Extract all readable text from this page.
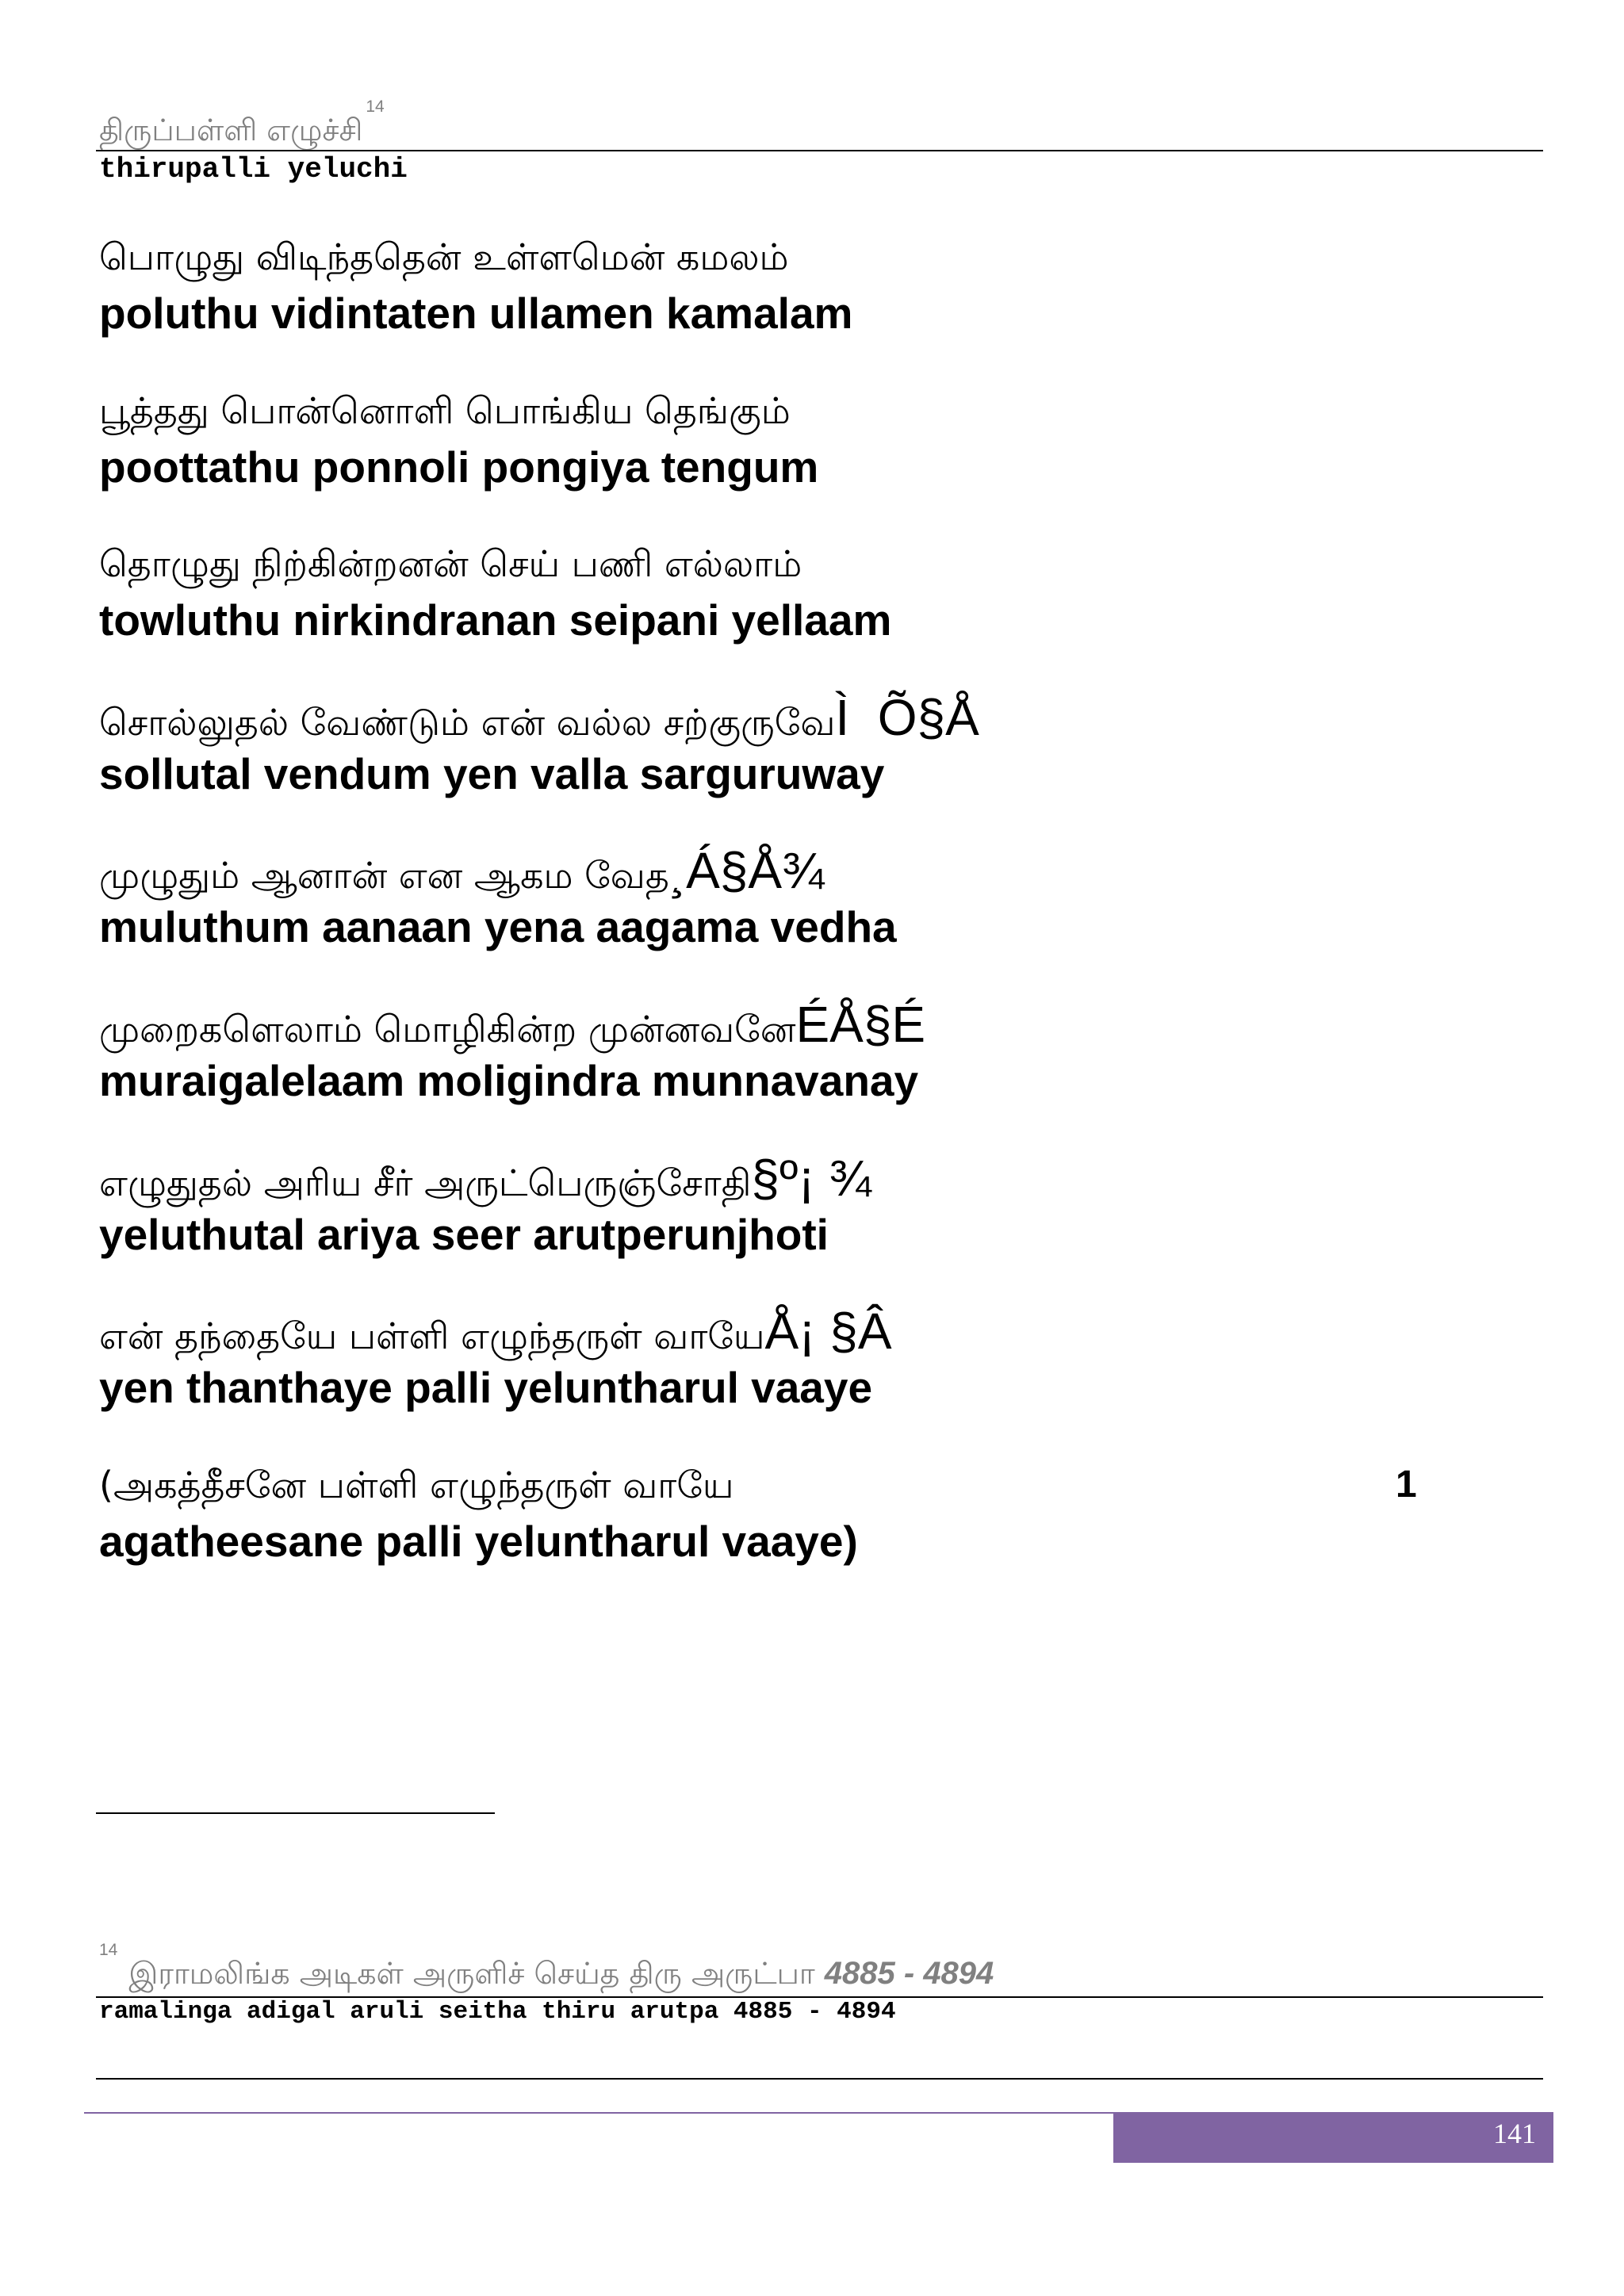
திருப்பள்ளி எழுச்சி$^{14}$
thirupalli yeluchi
பொழுது விடிந்ததென் உள்ளமென் கமலம்
poluthu vidintaten ullamen kamalam
பூத்தது பொன்னொளி பொங்கிய தெங்கும்
poottathu ponnoli pongiya tengum
தொழுது நிற்கின்றனன் செய் பணி எல்லாம்
towluthu nirkindranan seipani yellaam
சொல்லுதல் வேண்டும் என் வல்ல சற்குருவேÌ  Õ§Å
sollutal vendum yen valla sarguruway
முழுதும் ஆனான் என ஆகம வேத¸Á§Å¾
muluthum aanaan yena aagama vedha
முறைகளெலாம் மொழிகின்ற முன்னவனேÉÅ§É
muraigalelaam moligindra munnavanay
எழுதுதல் அரிய சீர் அருட்பெருஞ்சோதி§º¡ ¾
yeluthutal ariya seer arutperunjhoti
என் தந்தையே பள்ளி எழுந்தருள் வாயேÅ¡ §Â
yen thanthaye palli yeluntharul vaaye
(அகத்தீசனே பள்ளி எழுந்தருள் வாயே	1
agatheesane palli yeluntharul vaaye)
$^{14}$இராமலிங்க அடிகள் அருளிச் செய்த திரு அருட்பா 4885 - 4894
ramalinga adigal aruli seitha thiru arutpa 4885 - 4894
141
